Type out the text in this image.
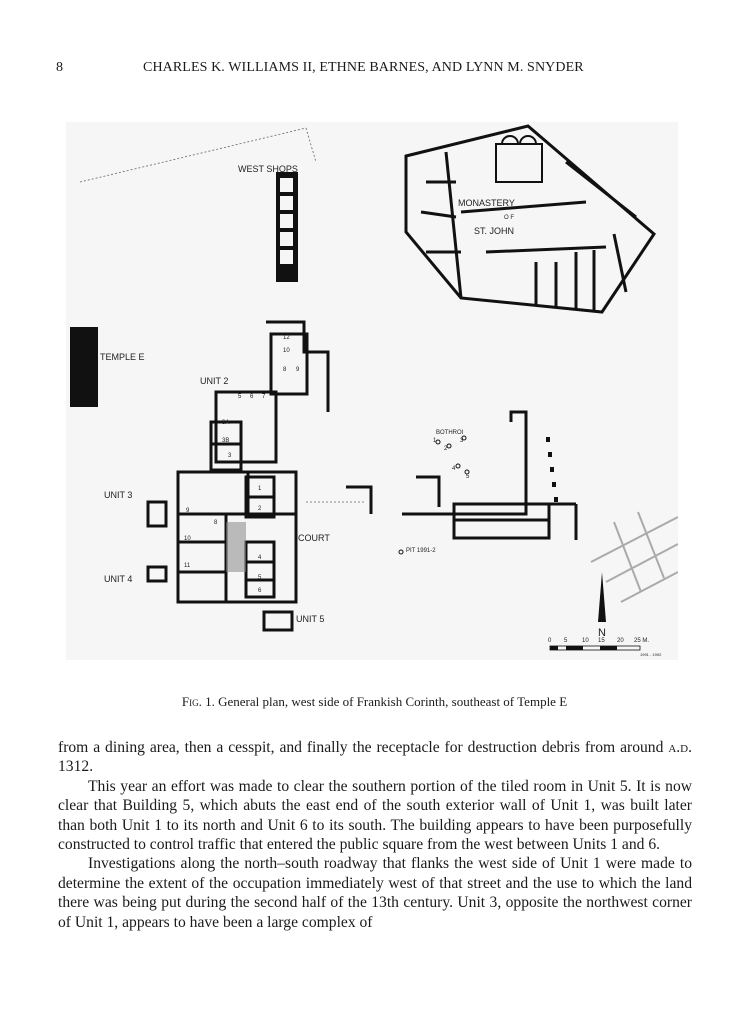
8	CHARLES K. WILLIAMS II, ETHNE BARNES, AND LYNN M. SNYDER
WEST SHOPS
MONASTERY
O F
ST. JOHN
TEMPLE E
UNIT 2
UNIT 3
UNIT 4
UNIT 5
COURT
BOTHROI
PIT 1991-2
12
10
8 9
3A
3B
3
5 6 7
1
2
4
5
6
8
9
10
11
1
2
3
4
5
N
0 5 10 15 20 25 M.
1991 - 1992
Fig. 1. General plan, west side of Frankish Corinth, southeast of Temple E

from a dining area, then a cesspit, and finally the receptacle for destruction debris from around a.d. 1312.

This year an effort was made to clear the southern portion of the tiled room in Unit 5. It is now clear that Building 5, which abuts the east end of the south exterior wall of Unit 1, was built later than both Unit 1 to its north and Unit 6 to its south. The building appears to have been purposefully constructed to control traffic that entered the public square from the west between Units 1 and 6.

Investigations along the north–south roadway that flanks the west side of Unit 1 were made to determine the extent of the occupation immediately west of that street and the use to which the land there was being put during the second half of the 13th century. Unit 3, opposite the northwest corner of Unit 1, appears to have been a large complex of
